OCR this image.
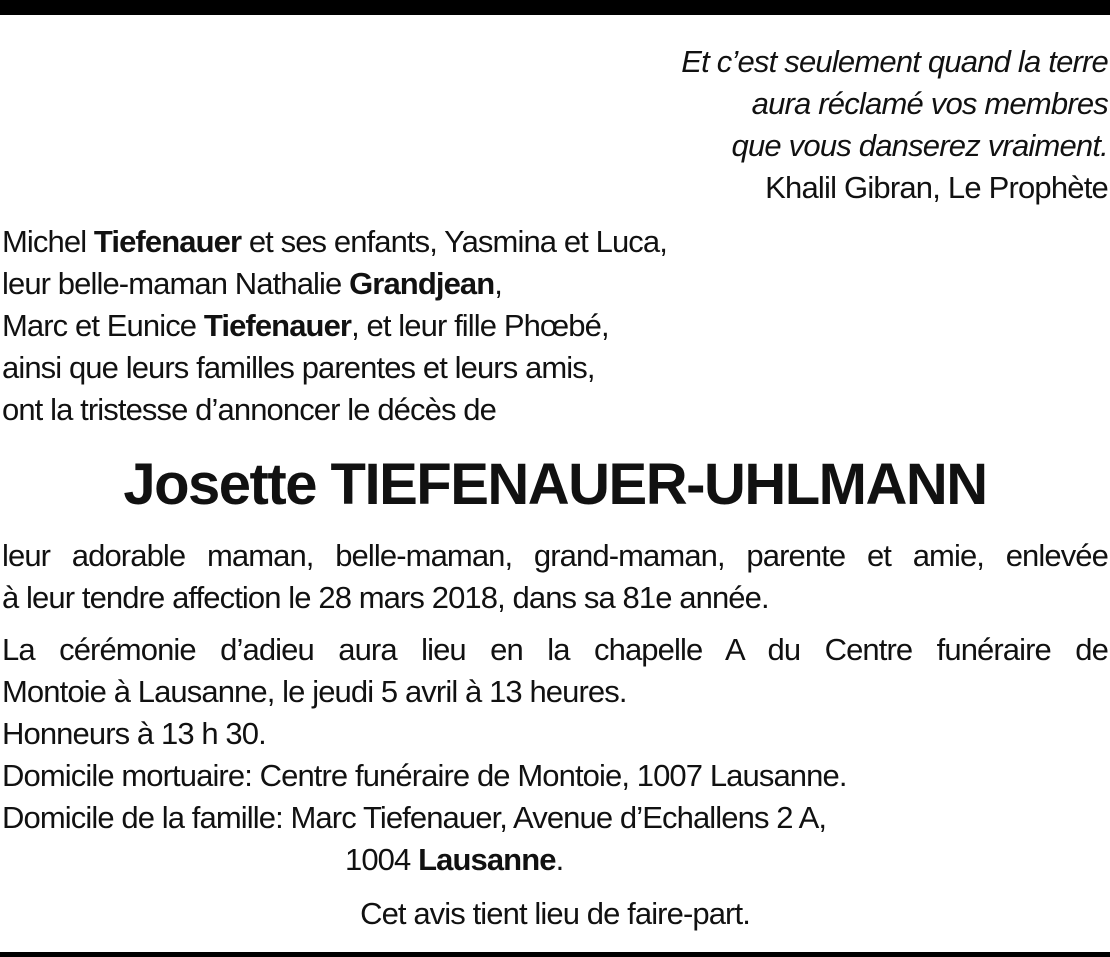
Et c’est seulement quand la terre
aura réclamé vos membres
que vous danserez vraiment.
Khalil Gibran, Le Prophète
Michel Tiefenauer et ses enfants, Yasmina et Luca,
leur belle-maman Nathalie Grandjean,
Marc et Eunice Tiefenauer, et leur fille Phœbé,
ainsi que leurs familles parentes et leurs amis,
ont la tristesse d’annoncer le décès de
Josette TIEFENAUER-UHLMANN
leur adorable maman, belle-maman, grand-maman, parente et amie, enlevée
à leur tendre affection le 28 mars 2018, dans sa 81e année.
La cérémonie d’adieu aura lieu en la chapelle A du Centre funéraire de
Montoie à Lausanne, le jeudi 5 avril à 13 heures.
Honneurs à 13 h 30.
Domicile mortuaire: Centre funéraire de Montoie, 1007 Lausanne.
Domicile de la famille: Marc Tiefenauer, Avenue d’Echallens 2 A,
1004 Lausanne.
Cet avis tient lieu de faire-part.
